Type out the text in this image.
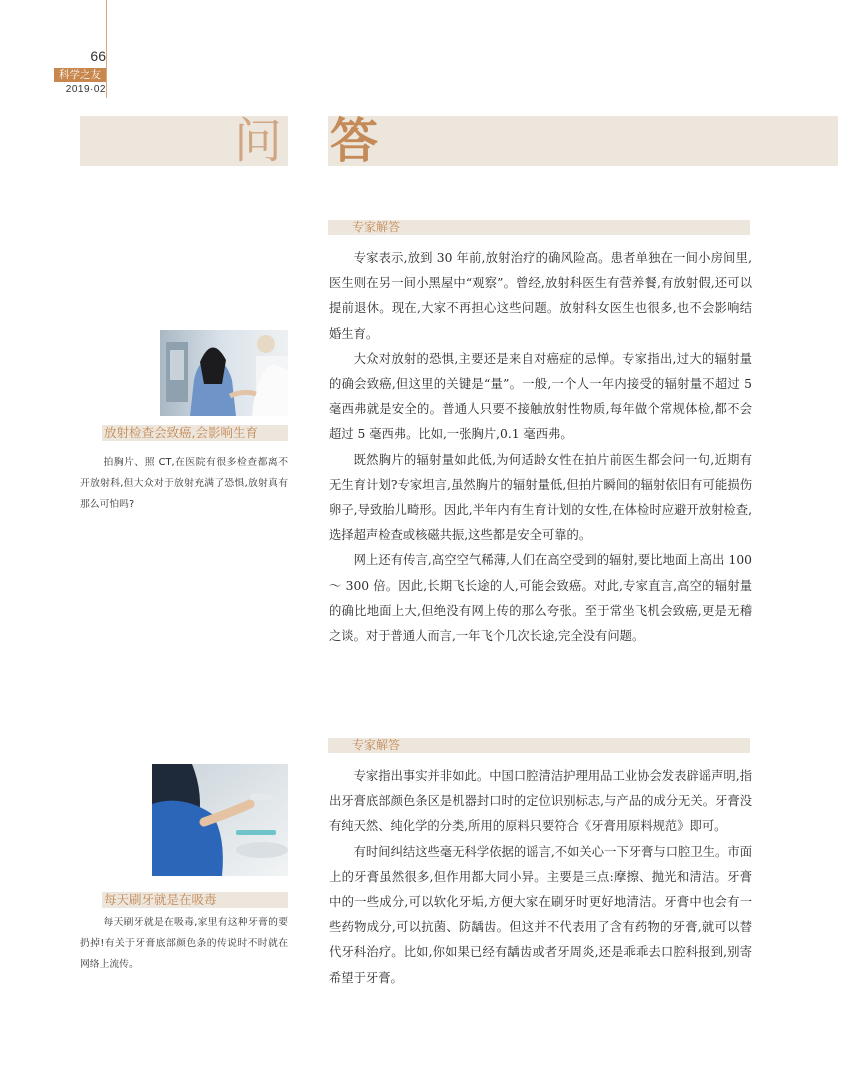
66
科学之友
2019·02
问 答
专家解答

专家表示,放到 30 年前,放射治疗的确风险高。患者单独在一间小房间里,医生则在另一间小黑屋中“观察”。曾经,放射科医生有营养餐,有放射假,还可以提前退休。现在,大家不再担心这些问题。放射科女医生也很多,也不会影响结婚生育。

大众对放射的恐惧,主要还是来自对癌症的忌惮。专家指出,过大的辐射量的确会致癌,但这里的关键是“量”。一般,一个人一年内接受的辐射量不超过 5 毫西弗就是安全的。普通人只要不接触放射性物质,每年做个常规体检,都不会超过 5 毫西弗。比如,一张胸片,0.1 毫西弗。

既然胸片的辐射量如此低,为何适龄女性在拍片前医生都会问一句,近期有无生育计划?专家坦言,虽然胸片的辐射量低,但拍片瞬间的辐射依旧有可能损伤卵子,导致胎儿畸形。因此,半年内有生育计划的女性,在体检时应避开放射检查,选择超声检查或核磁共振,这些都是安全可靠的。

网上还有传言,高空空气稀薄,人们在高空受到的辐射,要比地面上高出 100 ～ 300 倍。因此,长期飞长途的人,可能会致癌。对此,专家直言,高空的辐射量的确比地面上大,但绝没有网上传的那么夸张。至于常坐飞机会致癌,更是无稽之谈。对于普通人而言,一年飞个几次长途,完全没有问题。

放射检查会致癌,会影响生育

拍胸片、照 CT,在医院有很多检查都离不开放射科,但大众对于放射充满了恐惧,放射真有那么可怕吗?

专家解答

专家指出事实并非如此。中国口腔清洁护理用品工业协会发表辟谣声明,指出牙膏底部颜色条区是机器封口时的定位识别标志,与产品的成分无关。牙膏没有纯天然、纯化学的分类,所用的原料只要符合《牙膏用原料规范》即可。

有时间纠结这些毫无科学依据的谣言,不如关心一下牙膏与口腔卫生。市面上的牙膏虽然很多,但作用都大同小异。主要是三点:摩擦、抛光和清洁。牙膏中的一些成分,可以软化牙垢,方便大家在刷牙时更好地清洁。牙膏中也会有一些药物成分,可以抗菌、防龋齿。但这并不代表用了含有药物的牙膏,就可以替代牙科治疗。比如,你如果已经有龋齿或者牙周炎,还是乖乖去口腔科报到,别寄希望于牙膏。

每天刷牙就是在吸毒

每天刷牙就是在吸毒,家里有这种牙膏的要扔掉!有关于牙膏底部颜色条的传说时不时就在网络上流传。
